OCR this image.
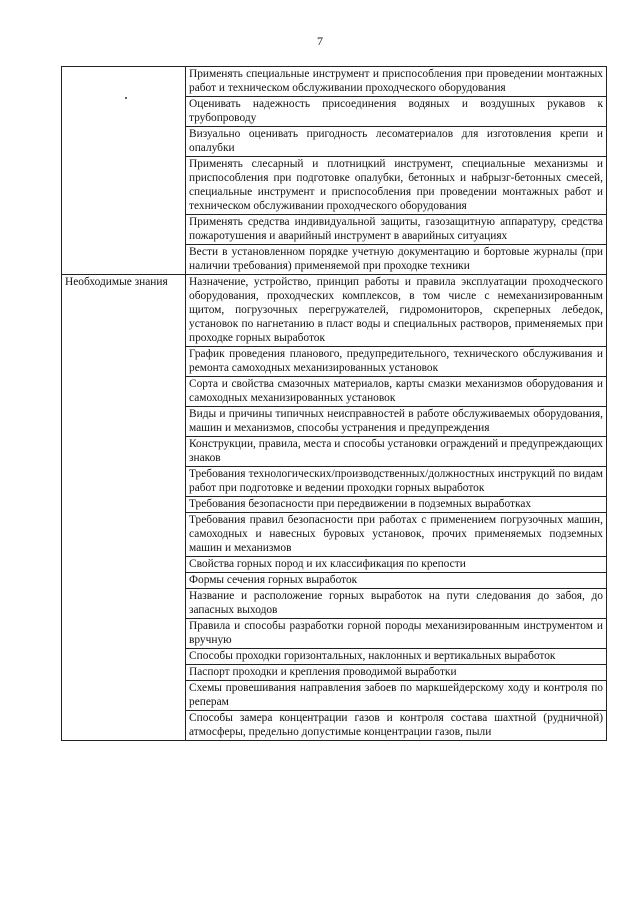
7
	Применять специальные инструмент и приспособления при проведении монтажных работ и техническом обслуживании проходческого оборудования
	Оценивать надежность присоединения водяных и воздушных рукавов к трубопроводу
	Визуально оценивать пригодность лесоматериалов для изготовления крепи и опалубки
	Применять слесарный и плотницкий инструмент, специальные механизмы и приспособления при подготовке опалубки, бетонных и набрызг-бетонных смесей, специальные инструмент и приспособления при проведении монтажных работ и техническом обслуживании проходческого оборудования
	Применять средства индивидуальной защиты, газозащитную аппаратуру, средства пожаротушения и аварийный инструмент в аварийных ситуациях
	Вести в установленном порядке учетную документацию и бортовые журналы (при наличии требования) применяемой при проходке техники
Необходимые знания	Назначение, устройство, принцип работы и правила эксплуатации проходческого оборудования, проходческих комплексов, в том числе с немеханизированным щитом, погрузочных перегружателей, гидромониторов, скреперных лебедок, установок по нагнетанию в пласт воды и специальных растворов, применяемых при проходке горных выработок
	График проведения планового, предупредительного, технического обслуживания и ремонта самоходных механизированных установок
	Сорта и свойства смазочных материалов, карты смазки механизмов оборудования и самоходных механизированных установок
	Виды и причины типичных неисправностей в работе обслуживаемых оборудования, машин и механизмов, способы устранения и предупреждения
	Конструкции, правила, места и способы установки ограждений и предупреждающих знаков
	Требования технологических/производственных/должностных инструкций по видам работ при подготовке и ведении проходки горных выработок
	Требования безопасности при передвижении в подземных выработках
	Требования правил безопасности при работах с применением погрузочных машин, самоходных и навесных буровых установок, прочих применяемых подземных машин и механизмов
	Свойства горных пород и их классификация по крепости
	Формы сечения горных выработок
	Название и расположение горных выработок на пути следования до забоя, до запасных выходов
	Правила и способы разработки горной породы механизированным инструментом и вручную
	Способы проходки горизонтальных, наклонных и вертикальных выработок
	Паспорт проходки и крепления проводимой выработки
	Схемы провешивания направления забоев по маркшейдерскому ходу и контроля по реперам
	Способы замера концентрации газов и контроля состава шахтной (рудничной) атмосферы, предельно допустимые концентрации газов, пыли
